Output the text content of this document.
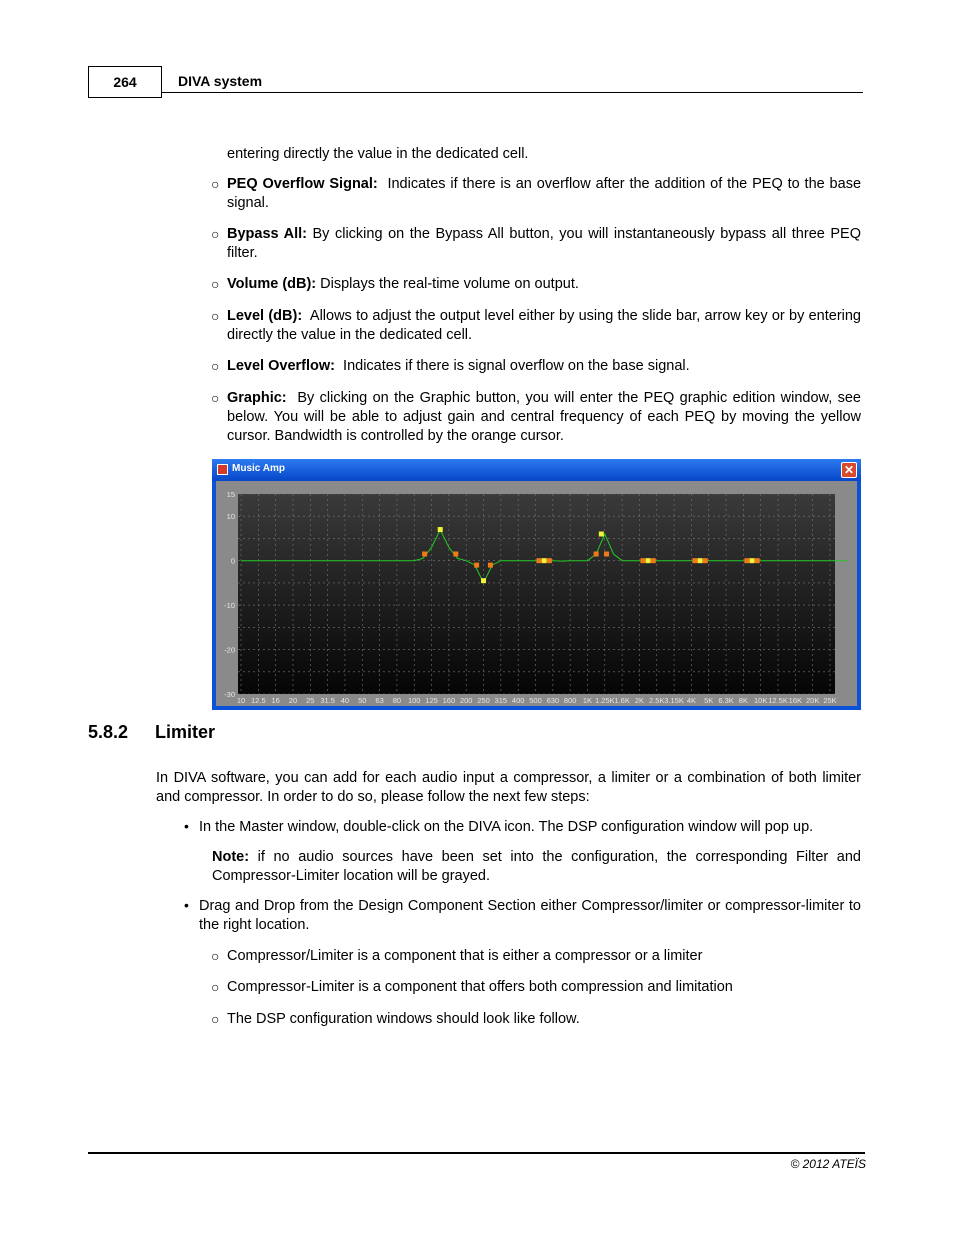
264	DIVA system
entering directly the value in the dedicated cell.
○ PEQ Overflow Signal: Indicates if there is an overflow after the addition of the PEQ to the base signal.
○ Bypass All: By clicking on the Bypass All button, you will instantaneously bypass all three PEQ filter.
○ Volume (dB): Displays the real-time volume on output.
○ Level (dB): Allows to adjust the output level either by using the slide bar, arrow key or by entering directly the value in the dedicated cell.
○ Level Overflow: Indicates if there is signal overflow on the base signal.
○ Graphic: By clicking on the Graphic button, you will enter the PEQ graphic edition window, see below. You will be able to adjust gain and central frequency of each PEQ by moving the yellow cursor. Bandwidth is controlled by the orange cursor.
Music Amp	✕
15
10
0
-10
-20
-30
10 12.5 16 20 25 31.5 40 50 63 80 100 125 160 200 250 315 400 500 630 800 1K 1.25K 1.6K 2K 2.5K 3.15K 4K 5K 6.3K 8K 10K 12.5K 16K 20K 25K
5.8.2 Limiter
In DIVA software, you can add for each audio input a compressor, a limiter or a combination of both limiter and compressor. In order to do so, please follow the next few steps:
• In the Master window, double-click on the DIVA icon. The DSP configuration window will pop up.
Note: if no audio sources have been set into the configuration, the corresponding Filter and Compressor-Limiter location will be grayed.
• Drag and Drop from the Design Component Section either Compressor/limiter or compressor-limiter to the right location.
○ Compressor/Limiter is a component that is either a compressor or a limiter
○ Compressor-Limiter is a component that offers both compression and limitation
○ The DSP configuration windows should look like follow.
© 2012 ATEÏS
